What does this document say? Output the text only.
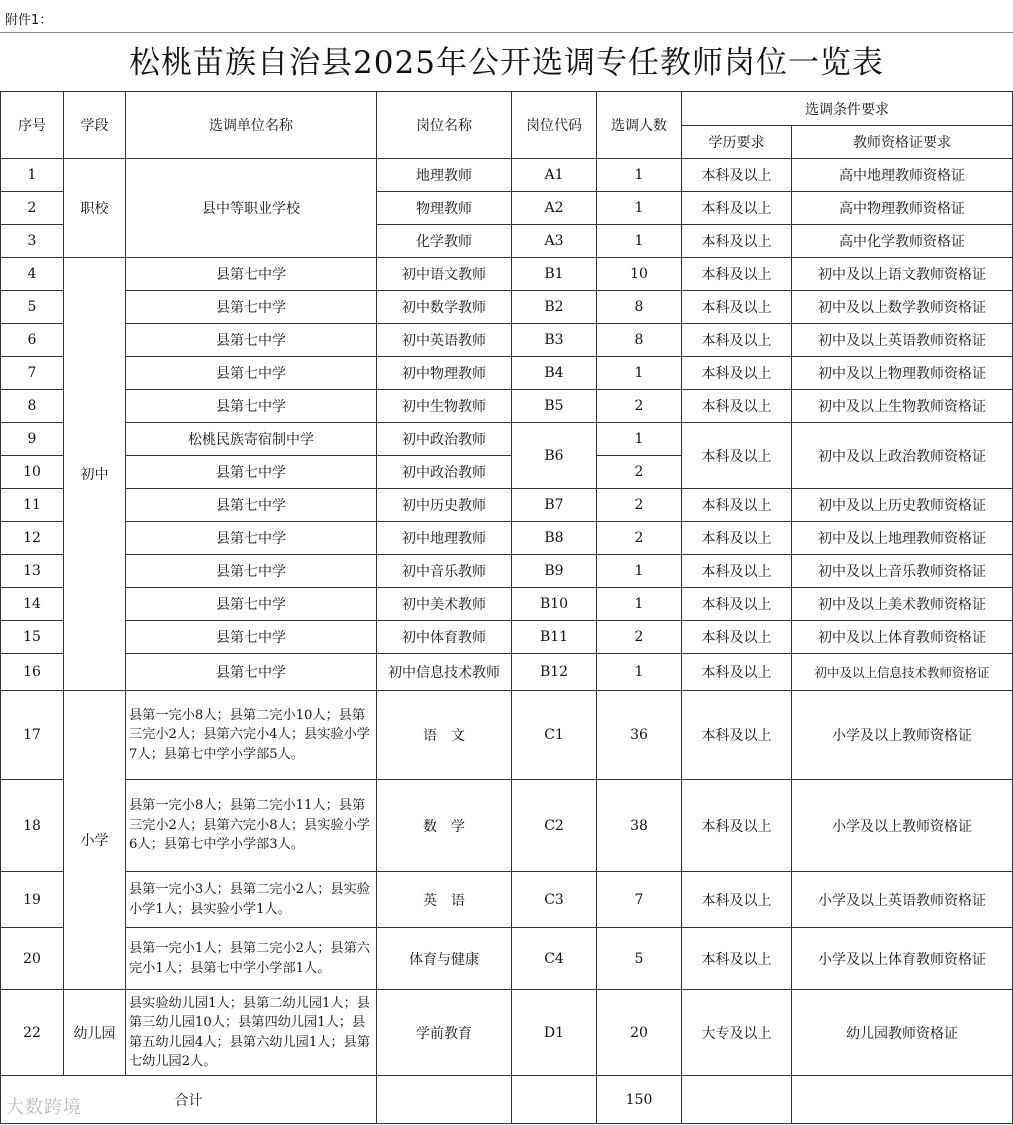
附件1：
松桃苗族自治县2025年公开选调专任教师岗位一览表
序号	学段	选调单位名称	岗位名称	岗位代码	选调人数	选调条件要求	
						学历要求	教师资格证要求
1	职校	县中等职业学校	地理教师	A1	1	本科及以上	高中地理教师资格证
2			物理教师	A2	1	本科及以上	高中物理教师资格证
3			化学教师	A3	1	本科及以上	高中化学教师资格证
4	初中	县第七中学	初中语文教师	B1	10	本科及以上	初中及以上语文教师资格证
5		县第七中学	初中数学教师	B2	8	本科及以上	初中及以上数学教师资格证
6		县第七中学	初中英语教师	B3	8	本科及以上	初中及以上英语教师资格证
7		县第七中学	初中物理教师	B4	1	本科及以上	初中及以上物理教师资格证
8		县第七中学	初中生物教师	B5	2	本科及以上	初中及以上生物教师资格证
9		松桃民族寄宿制中学	初中政治教师	B6	1	本科及以上	初中及以上政治教师资格证
10		县第七中学	初中政治教师		2		
11		县第七中学	初中历史教师	B7	2	本科及以上	初中及以上历史教师资格证
12		县第七中学	初中地理教师	B8	2	本科及以上	初中及以上地理教师资格证
13		县第七中学	初中音乐教师	B9	1	本科及以上	初中及以上音乐教师资格证
14		县第七中学	初中美术教师	B10	1	本科及以上	初中及以上美术教师资格证
15		县第七中学	初中体育教师	B11	2	本科及以上	初中及以上体育教师资格证
16		县第七中学	初中信息技术教师	B12	1	本科及以上	初中及以上信息技术教师资格证
17	小学	县第一完小8人；县第二完小10人；县第三完小2人；县第六完小4人；县实验小学7人；县第七中学小学部5人。	语　文	C1	36	本科及以上	小学及以上教师资格证
18		县第一完小8人；县第二完小11人；县第三完小2人；县第六完小8人；县实验小学6人；县第七中学小学部3人。	数　学	C2	38	本科及以上	小学及以上教师资格证
19		县第一完小3人；县第二完小2人；县实验小学1人；县实验小学1人。	英　语	C3	7	本科及以上	小学及以上英语教师资格证
20		县第一完小1人；县第二完小2人；县第六完小1人；县第七中学小学部1人。	体育与健康	C4	5	本科及以上	小学及以上体育教师资格证
22	幼儿园	县实验幼儿园1人；县第二幼儿园1人；县第三幼儿园10人；县第四幼儿园1人；县第五幼儿园4人；县第六幼儿园1人；县第七幼儿园2人。	学前教育	D1	20	大专及以上	幼儿园教师资格证
合计					150		
大数跨境
